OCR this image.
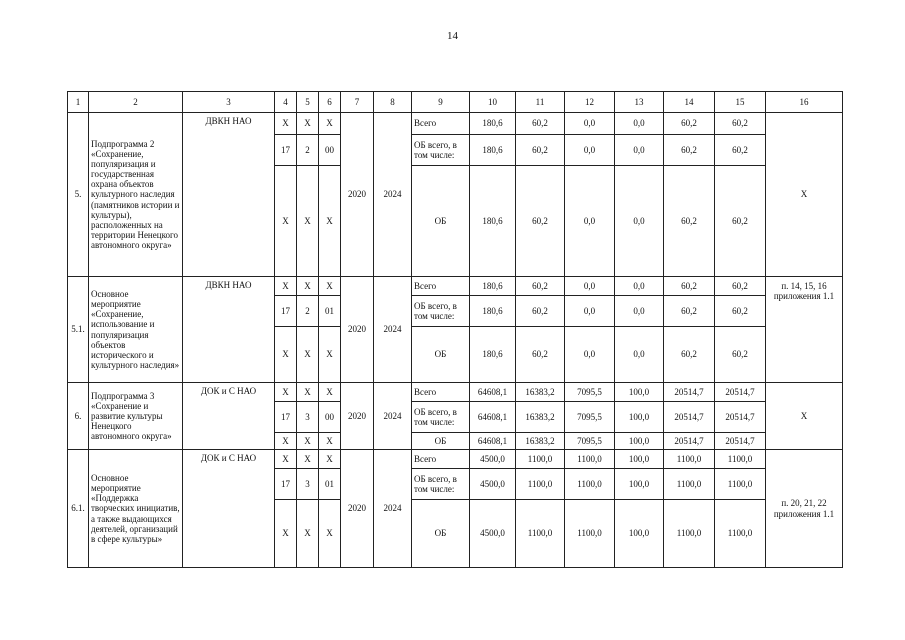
14
1	2	3	4	5	6	7	8	9	10	11	12	13	14	15	16
5.	Подпрограмма 2 «Сохранение, популяризация и государственная охрана объектов культурного наследия (памятников истории и культуры), расположенных на территории Ненецкого автономного округа»	ДВКН НАО	X	X	X	2020	2024	Всего	180,6	60,2	0,0	0,0	60,2	60,2	X
			17	2	00			ОБ всего, в том числе:	180,6	60,2	0,0	0,0	60,2	60,2	
			X	X	X			ОБ	180,6	60,2	0,0	0,0	60,2	60,2	
5.1.	Основное мероприятие «Сохранение, использование и популяризация объектов исторического и культурного наследия»	ДВКН НАО	X	X	X	2020	2024	Всего	180,6	60,2	0,0	0,0	60,2	60,2	п. 14, 15, 16 приложения 1.1
			17	2	01			ОБ всего, в том числе:	180,6	60,2	0,0	0,0	60,2	60,2	
			X	X	X			ОБ	180,6	60,2	0,0	0,0	60,2	60,2	
6.	Подпрограмма 3 «Сохранение и развитие культуры Ненецкого автономного округа»	ДОК и С НАО	X	X	X	2020	2024	Всего	64608,1	16383,2	7095,5	100,0	20514,7	20514,7	X
			17	3	00			ОБ всего, в том числе:	64608,1	16383,2	7095,5	100,0	20514,7	20514,7	
			X	X	X			ОБ	64608,1	16383,2	7095,5	100,0	20514,7	20514,7	
6.1.	Основное мероприятие «Поддержка творческих инициатив, а также выдающихся деятелей, организаций в сфере культуры»	ДОК и С НАО	X	X	X	2020	2024	Всего	4500,0	1100,0	1100,0	100,0	1100,0	1100,0	п. 20, 21, 22 приложения 1.1
			17	3	01			ОБ всего, в том числе:	4500,0	1100,0	1100,0	100,0	1100,0	1100,0	
			X	X	X			ОБ	4500,0	1100,0	1100,0	100,0	1100,0	1100,0	
